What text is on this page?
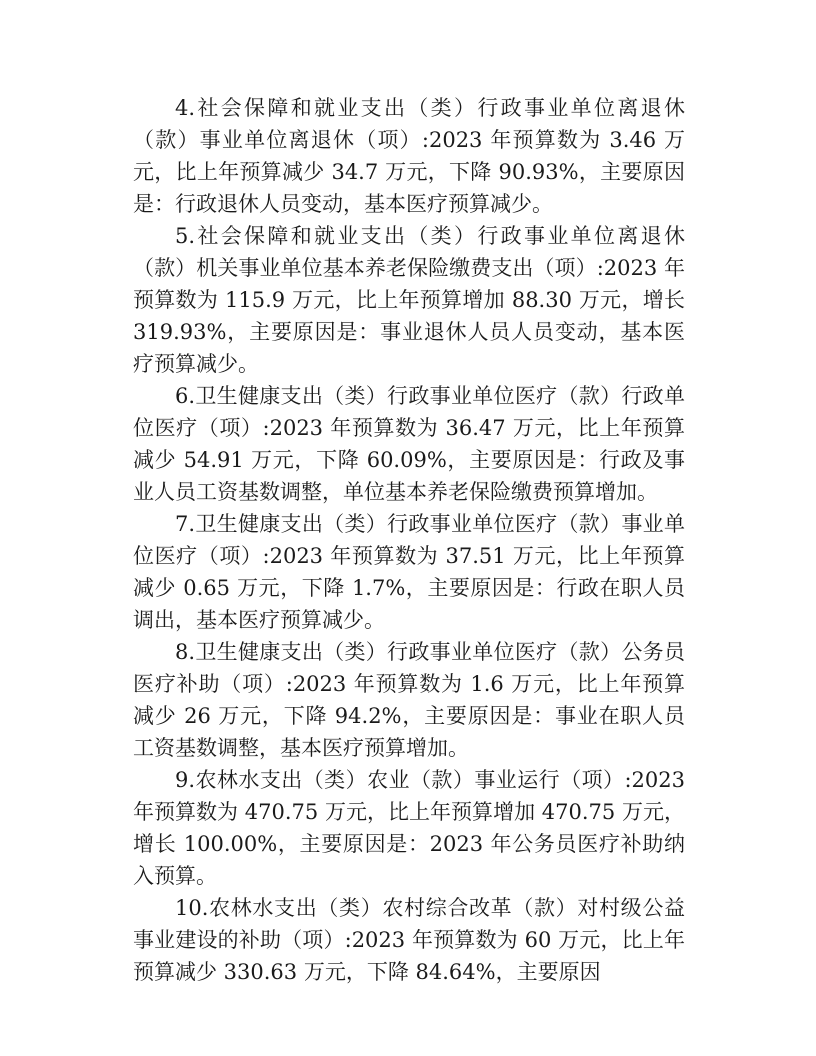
4.社会保障和就业支出（类）行政事业单位离退休（款）事业单位离退休（项）:2023 年预算数为 3.46 万元，比上年预算减少 34.7 万元，下降 90.93%，主要原因是：行政退休人员变动，基本医疗预算减少。

5.社会保障和就业支出（类）行政事业单位离退休（款）机关事业单位基本养老保险缴费支出（项）:2023 年预算数为 115.9 万元，比上年预算增加 88.30 万元，增长 319.93%，主要原因是：事业退休人员人员变动，基本医疗预算减少。

6.卫生健康支出（类）行政事业单位医疗（款）行政单位医疗（项）:2023 年预算数为 36.47 万元，比上年预算减少 54.91 万元，下降 60.09%，主要原因是：行政及事业人员工资基数调整，单位基本养老保险缴费预算增加。

7.卫生健康支出（类）行政事业单位医疗（款）事业单位医疗（项）:2023 年预算数为 37.51 万元，比上年预算减少 0.65 万元，下降 1.7%，主要原因是：行政在职人员调出，基本医疗预算减少。

8.卫生健康支出（类）行政事业单位医疗（款）公务员医疗补助（项）:2023 年预算数为 1.6 万元，比上年预算减少 26 万元，下降 94.2%，主要原因是：事业在职人员工资基数调整，基本医疗预算增加。

9.农林水支出（类）农业（款）事业运行（项）:2023 年预算数为 470.75 万元，比上年预算增加 470.75 万元，增长 100.00%，主要原因是：2023 年公务员医疗补助纳入预算。

10.农林水支出（类）农村综合改革（款）对村级公益事业建设的补助（项）:2023 年预算数为 60 万元，比上年预算减少 330.63 万元，下降 84.64%，主要原因
